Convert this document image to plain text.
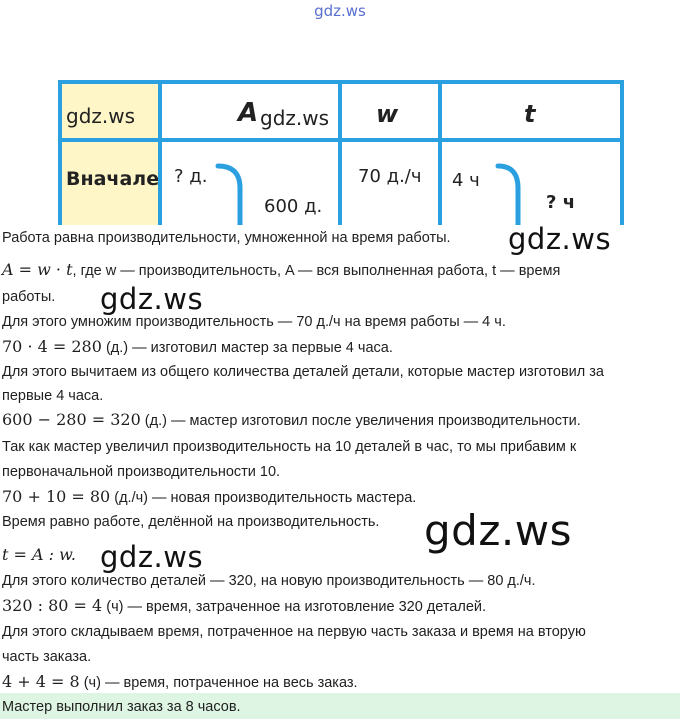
gdz.ws
gdz.ws	A gdz.ws w	t
Вначале ? д.
600 д.
70 д./ч 4 ч
? ч
Работа равна производительности, умноженной на время работы.
A = w · t, где w — производительность, A — вся выполненная работа, t — время
работы.
Для этого умножим производительность — 70 д./ч на время работы — 4 ч.
70 · 4 = 280 (д.) — изготовил мастер за первые 4 часа.
Для этого вычитаем из общего количества деталей детали, которые мастер изготовил за
первые 4 часа.
600 − 280 = 320 (д.) — мастер изготовил после увеличения производительности.
Так как мастер увеличил производительность на 10 деталей в час, то мы прибавим к
первоначальной производительности 10.
70 + 10 = 80 (д./ч) — новая производительность мастера.
Время равно работе, делённой на производительность.
t = A : w.
Для этого количество деталей — 320, на новую производительность — 80 д./ч.
320 : 80 = 4 (ч) — время, затраченное на изготовление 320 деталей.
Для этого складываем время, потраченное на первую часть заказа и время на вторую
часть заказа.
4 + 4 = 8 (ч) — время, потраченное на весь заказ.
Мастер выполнил заказ за 8 часов.
gdz.ws
gdz.ws
gdz.ws
gdz.ws
